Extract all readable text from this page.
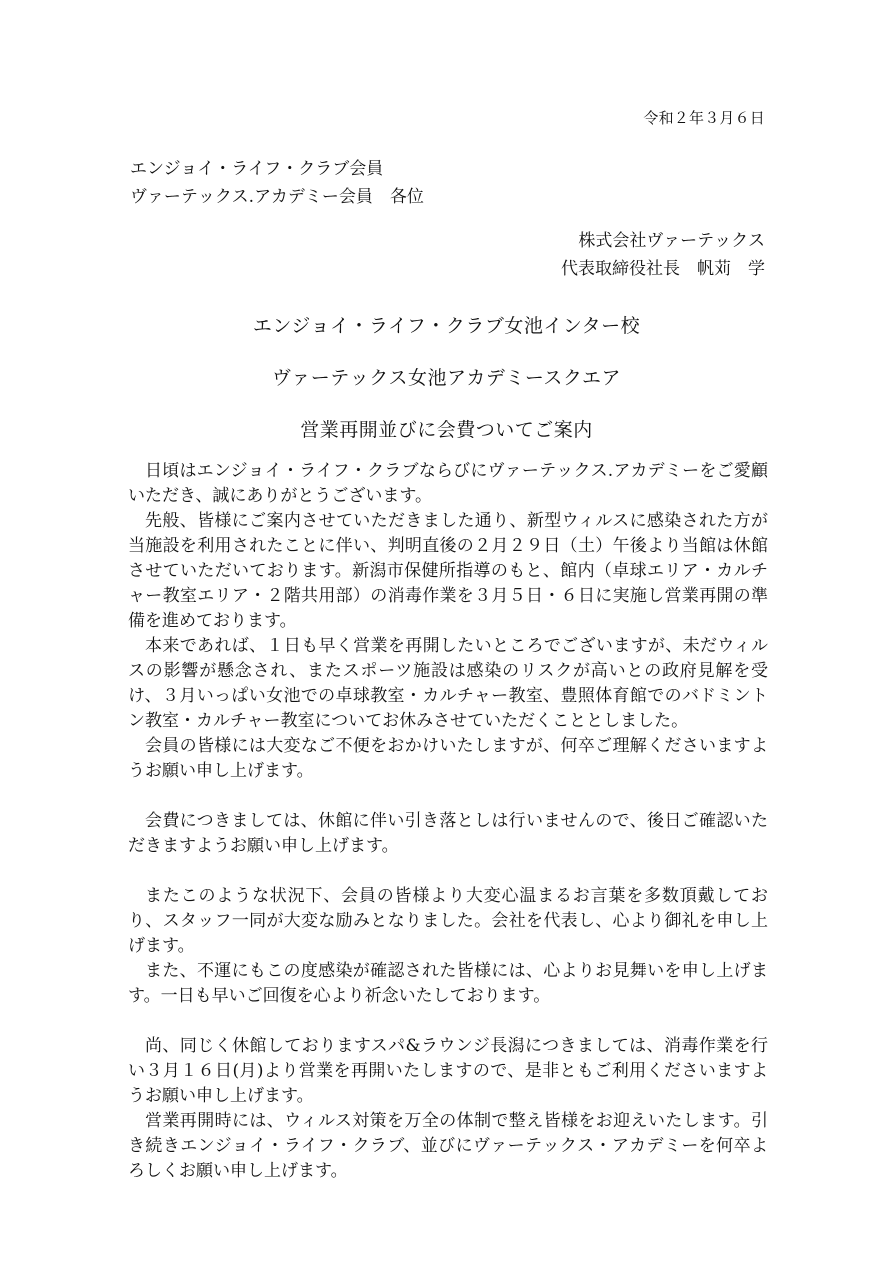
令和２年３月６日
エンジョイ・ライフ・クラブ会員
ヴァーテックス.アカデミー会員　各位
株式会社ヴァーテックス
代表取締役社長　帆苅　学
エンジョイ・ライフ・クラブ女池インター校
ヴァーテックス女池アカデミースクエア
営業再開並びに会費ついてご案内

日頃はエンジョイ・ライフ・クラブならびにヴァーテックス.アカデミーをご愛顧いただき、誠にありがとうございます。

先般、皆様にご案内させていただきました通り、新型ウィルスに感染された方が当施設を利用されたことに伴い、判明直後の２月２９日（土）午後より当館は休館させていただいております。新潟市保健所指導のもと、館内（卓球エリア・カルチャー教室エリア・２階共用部）の消毒作業を３月５日・６日に実施し営業再開の準備を進めております。

本来であれば、１日も早く営業を再開したいところでございますが、未だウィルスの影響が懸念され、またスポーツ施設は感染のリスクが高いとの政府見解を受け、３月いっぱい女池での卓球教室・カルチャー教室、豊照体育館でのバドミントン教室・カルチャー教室についてお休みさせていただくこととしました。

会員の皆様には大変なご不便をおかけいたしますが、何卒ご理解くださいますようお願い申し上げます。

会費につきましては、休館に伴い引き落としは行いませんので、後日ご確認いただきますようお願い申し上げます。

またこのような状況下、会員の皆様より大変心温まるお言葉を多数頂戴しており、スタッフ一同が大変な励みとなりました。会社を代表し、心より御礼を申し上げます。

また、不運にもこの度感染が確認された皆様には、心よりお見舞いを申し上げます。一日も早いご回復を心より祈念いたしております。

尚、同じく休館しておりますスパ&ラウンジ長潟につきましては、消毒作業を行い３月１６日(月)より営業を再開いたしますので、是非ともご利用くださいますようお願い申し上げます。

営業再開時には、ウィルス対策を万全の体制で整え皆様をお迎えいたします。引き続きエンジョイ・ライフ・クラブ、並びにヴァーテックス・アカデミーを何卒よろしくお願い申し上げます。
